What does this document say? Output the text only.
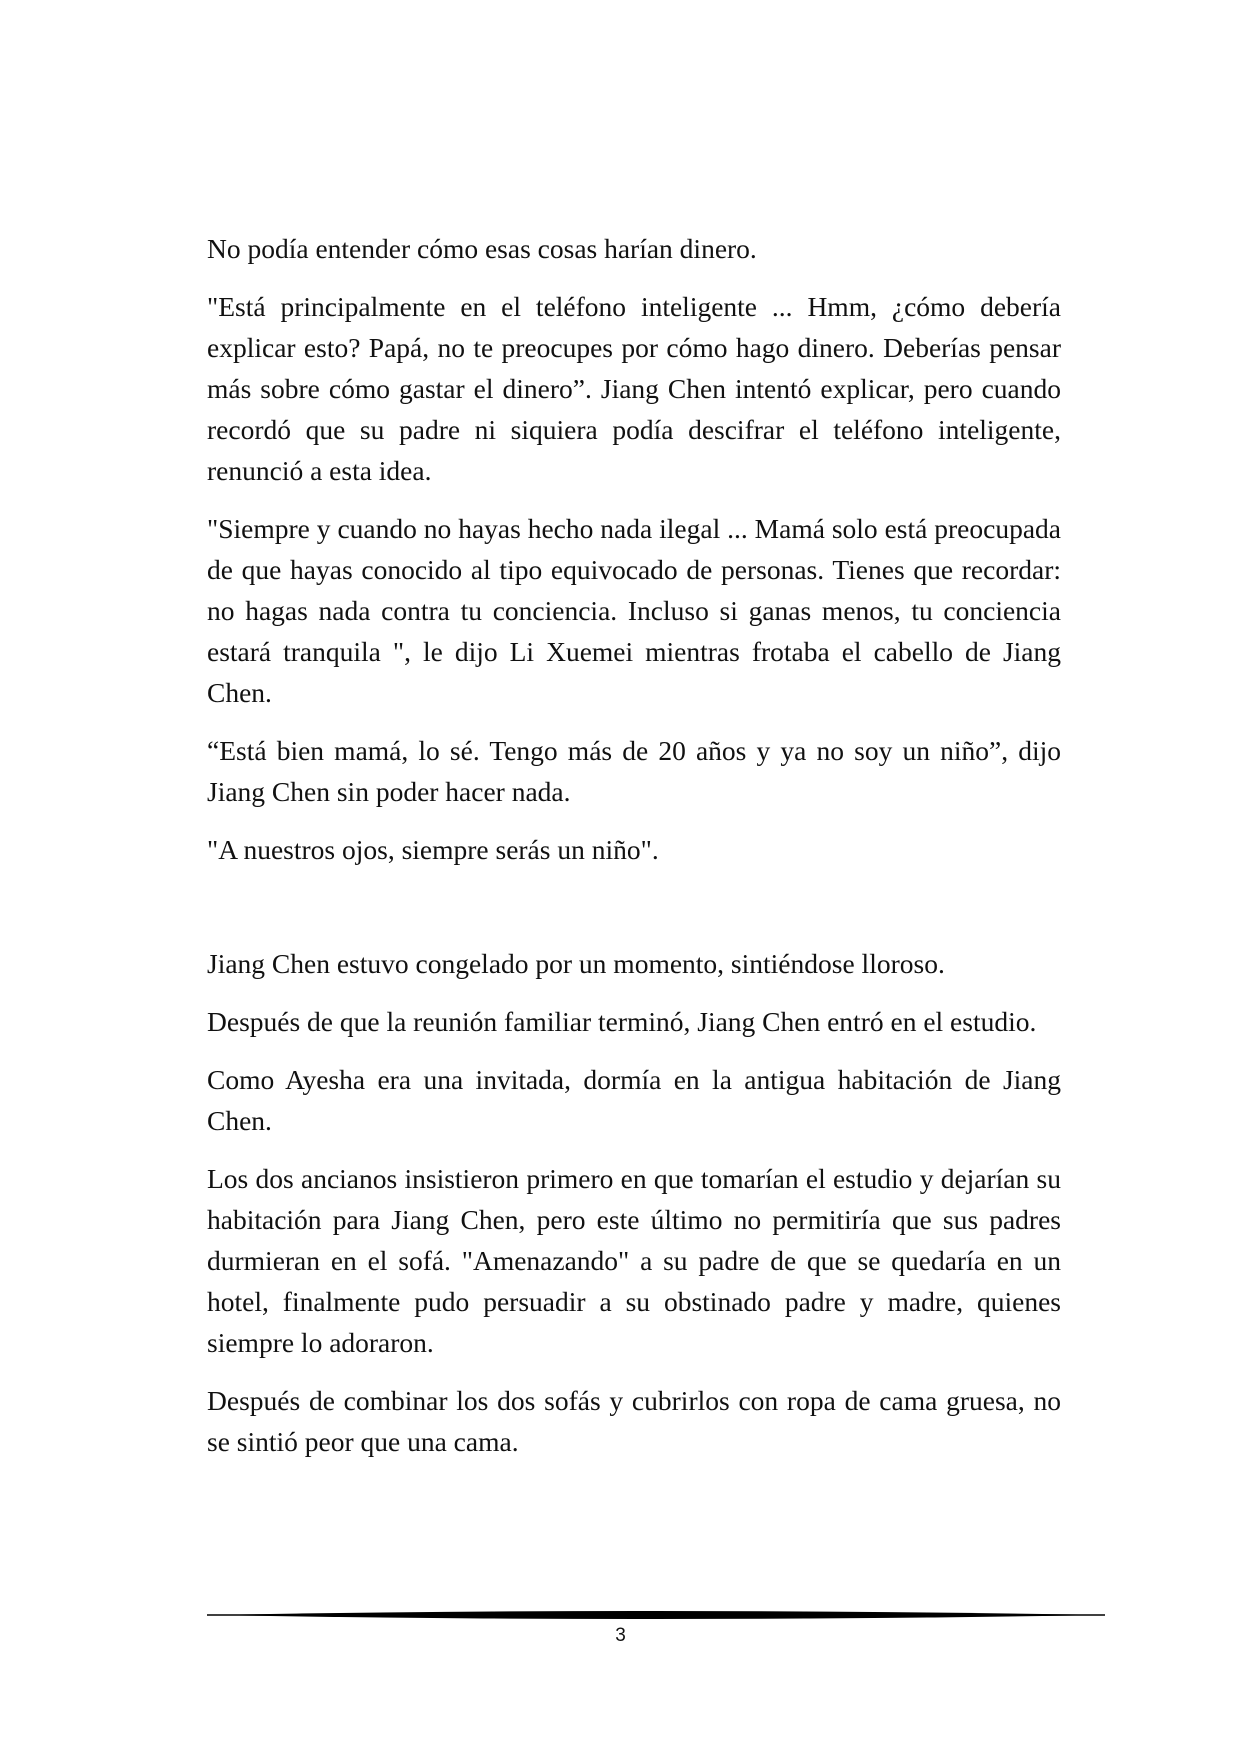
No podía entender cómo esas cosas harían dinero.

"Está principalmente en el teléfono inteligente ... Hmm, ¿cómo debería explicar esto? Papá, no te preocupes por cómo hago dinero. Deberías pensar más sobre cómo gastar el dinero”. Jiang Chen intentó explicar, pero cuando recordó que su padre ni siquiera podía descifrar el teléfono inteligente, renunció a esta idea.

"Siempre y cuando no hayas hecho nada ilegal ... Mamá solo está preocupada de que hayas conocido al tipo equivocado de personas. Tienes que recordar: no hagas nada contra tu conciencia. Incluso si ganas menos, tu conciencia estará tranquila ", le dijo Li Xuemei mientras frotaba el cabello de Jiang Chen.

“Está bien mamá, lo sé. Tengo más de 20 años y ya no soy un niño”, dijo Jiang Chen sin poder hacer nada.

"A nuestros ojos, siempre serás un niño".

Jiang Chen estuvo congelado por un momento, sintiéndose lloroso.

Después de que la reunión familiar terminó, Jiang Chen entró en el estudio.

Como Ayesha era una invitada, dormía en la antigua habitación de Jiang Chen.

Los dos ancianos insistieron primero en que tomarían el estudio y dejarían su habitación para Jiang Chen, pero este último no permitiría que sus padres durmieran en el sofá. "Amenazando" a su padre de que se quedaría en un hotel, finalmente pudo persuadir a su obstinado padre y madre, quienes siempre lo adoraron.

Después de combinar los dos sofás y cubrirlos con ropa de cama gruesa, no se sintió peor que una cama.

3
